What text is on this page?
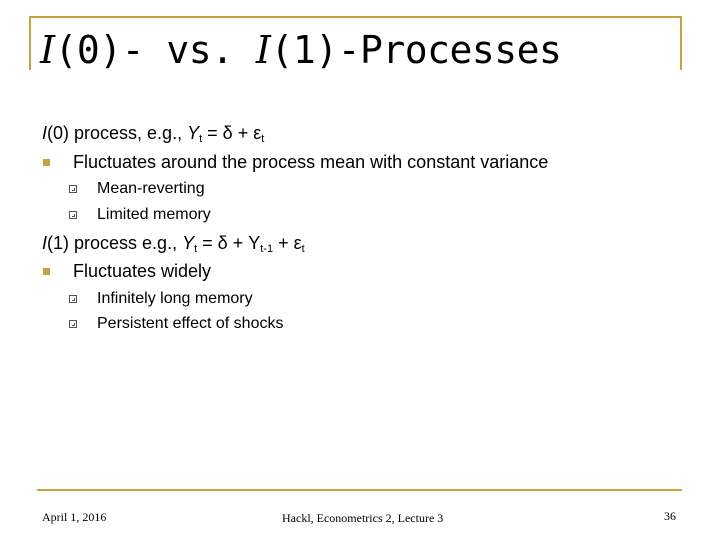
I(0)- vs. I(1)-Processes
I(0) process, e.g., $Y_t = \delta + \varepsilon_t$
Fluctuates around the process mean with constant variance
Mean-reverting
Limited memory
I(1) process e.g., $Y_t = \delta + Y_{t-1} + \varepsilon_t$
Fluctuates widely
Infinitely long memory
Persistent effect of shocks
April 1, 2016	Hackl, Econometrics 2, Lecture 3	36
